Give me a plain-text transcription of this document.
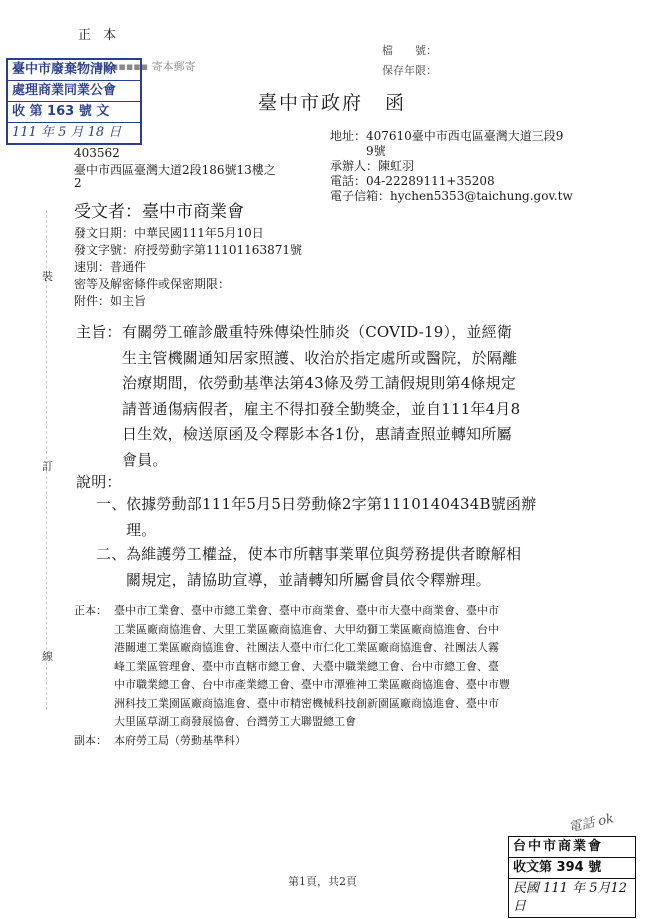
裝
訂
線
正 本
檔　　號：
保存年限：
▪▪▪▪▪▪▪ 寄本郵寄
臺中市政府 函
臺中市廢棄物清除
處理商業同業公會
收 第 163 號 文
111 年 5 月 18 日
403562
臺中市西區臺灣大道2段186號13樓之
2
地址：407610臺中市西屯區臺灣大道三段9
9號
承辦人：陳虹羽
電話：04-22289111+35208
電子信箱：hychen5353@taichung.gov.tw
受文者：臺中市商業會
發文日期：中華民國111年5月10日
發文字號：府授勞動字第11101163871號
速別：普通件
密等及解密條件或保密期限：
附件：如主旨
主旨： 有關勞工確診嚴重特殊傳染性肺炎（COVID-19），並經衛
生主管機關通知居家照護、收治於指定處所或醫院，於隔離
治療期間，依勞動基準法第43條及勞工請假規則第4條規定
請普通傷病假者，雇主不得扣發全勤獎金，並自111年4月8
日生效，檢送原函及令釋影本各1份，惠請查照並轉知所屬
會員。
說明：
一、 依據勞動部111年5月5日勞動條2字第1110140434B號函辦
理。
二、 為維護勞工權益，使本市所轄事業單位與勞務提供者瞭解相
關規定，請協助宣導，並請轉知所屬會員依令釋辦理。
正本： 臺中市工業會、臺中市總工業會、臺中市商業會、臺中市大臺中商業會、臺中市
工業區廠商協進會、大里工業區廠商協進會、大甲幼獅工業區廠商協進會、台中
港關連工業區廠商協進會、社團法人臺中市仁化工業區廠商協進會、社團法人霧
峰工業區管理會、臺中市直轄市總工會、大臺中職業總工會、台中市總工會、臺
中市職業總工會、台中市產業總工會、臺中市潭雅神工業區廠商協進會、臺中市豐
洲科技工業園區廠商協進會、臺中市精密機械科技創新園區廠商協進會、臺中市
大里區草湖工商發展協會、台灣勞工大聯盟總工會
副本： 本府勞工局（勞動基準科）
電話 ok
台中市商業會
收文第 394 號
民國 111 年 5月12日
第1頁，共2頁
